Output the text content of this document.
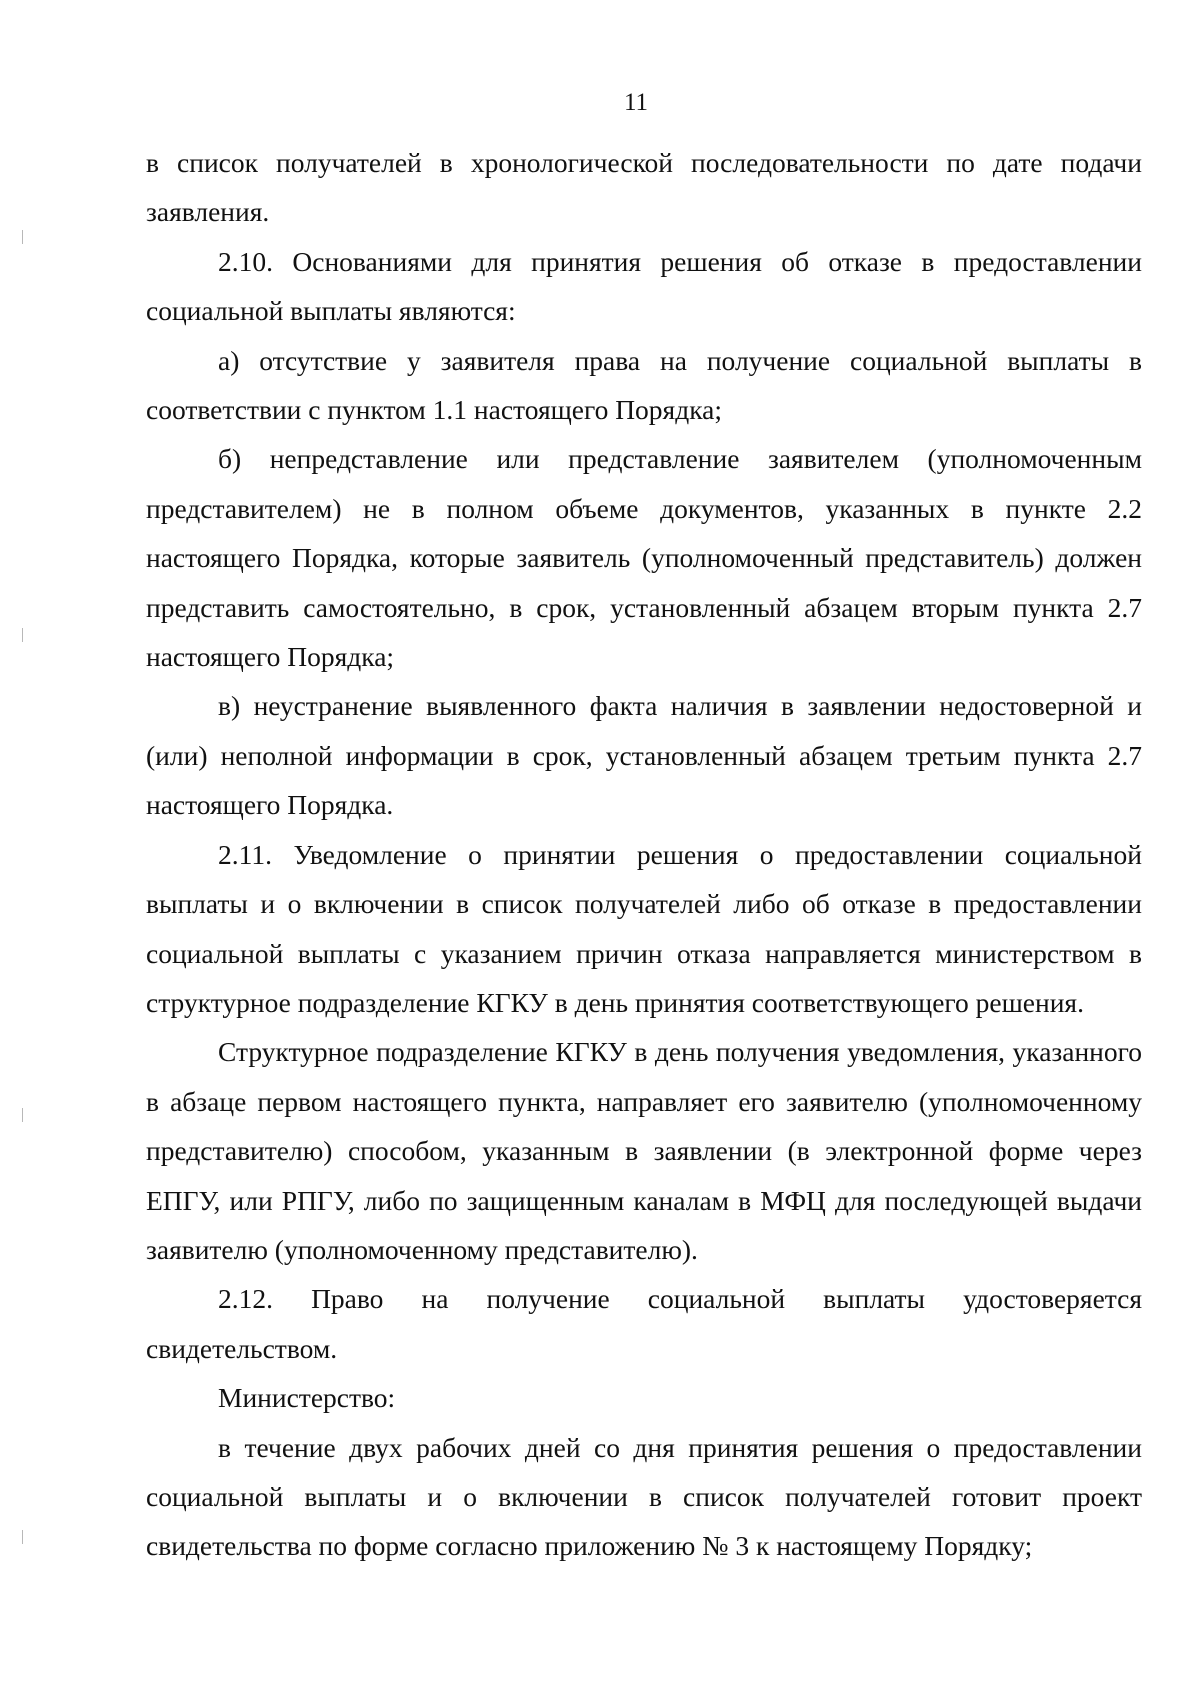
11

в список получателей в хронологической последовательности по дате подачи заявления.

2.10. Основаниями для принятия решения об отказе в предоставлении социальной выплаты являются:

а) отсутствие у заявителя права на получение социальной выплаты в соответствии с пунктом 1.1 настоящего Порядка;

б) непредставление или представление заявителем (уполномоченным представителем) не в полном объеме документов, указанных в пункте 2.2 настоящего Порядка, которые заявитель (уполномоченный представитель) должен представить самостоятельно, в срок, установленный абзацем вторым пункта 2.7 настоящего Порядка;

в) неустранение выявленного факта наличия в заявлении недостоверной и (или) неполной информации в срок, установленный абзацем третьим пункта 2.7 настоящего Порядка.

2.11. Уведомление о принятии решения о предоставлении социальной выплаты и о включении в список получателей либо об отказе в предоставлении социальной выплаты с указанием причин отказа направляется министерством в структурное подразделение КГКУ в день принятия соответствующего решения.

Структурное подразделение КГКУ в день получения уведомления, указанного в абзаце первом настоящего пункта, направляет его заявителю (уполномоченному представителю) способом, указанным в заявлении (в электронной форме через ЕПГУ, или РПГУ, либо по защищенным каналам в МФЦ для последующей выдачи заявителю (уполномоченному представителю).

2.12. Право на получение социальной выплаты удостоверяется свидетельством.

Министерство:

в течение двух рабочих дней со дня принятия решения о предоставлении социальной выплаты и о включении в список получателей готовит проект свидетельства по форме согласно приложению № 3 к настоящему Порядку;
